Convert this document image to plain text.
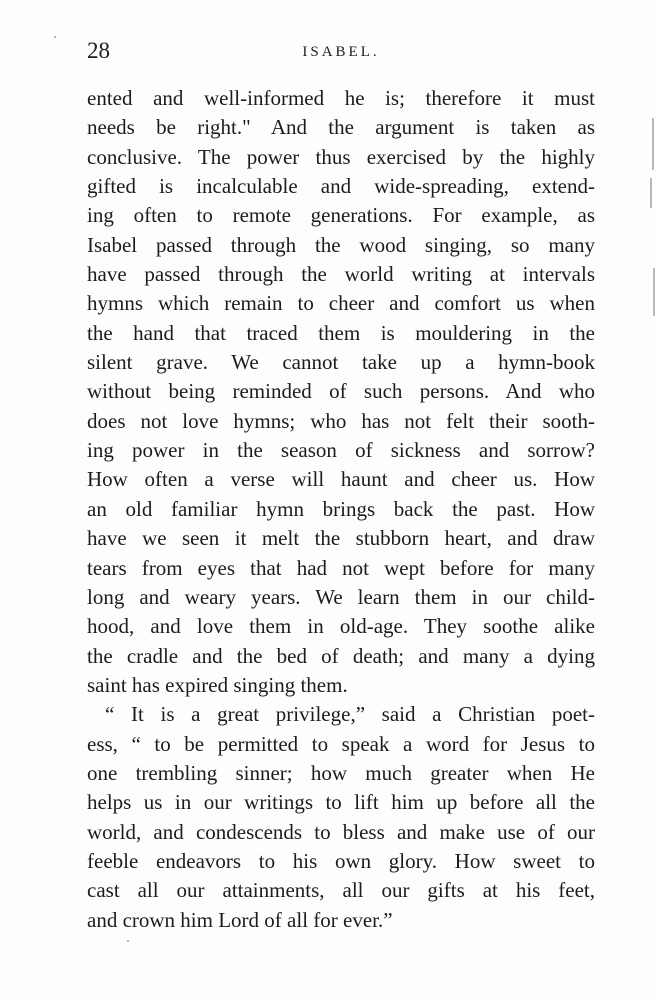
28	ISABEL.
ented and well-informed he is; therefore it must
needs be right." And the argument is taken as
conclusive. The power thus exercised by the highly
gifted is incalculable and wide-spreading, extend-
ing often to remote generations. For example, as
Isabel passed through the wood singing, so many
have passed through the world writing at intervals
hymns which remain to cheer and comfort us when
the hand that traced them is mouldering in the
silent grave. We cannot take up a hymn-book
without being reminded of such persons. And who
does not love hymns; who has not felt their sooth-
ing power in the season of sickness and sorrow?
How often a verse will haunt and cheer us. How
an old familiar hymn brings back the past. How
have we seen it melt the stubborn heart, and draw
tears from eyes that had not wept before for many
long and weary years. We learn them in our child-
hood, and love them in old-age. They soothe alike
the cradle and the bed of death; and many a dying
saint has expired singing them.
“ It is a great privilege,” said a Christian poet-
ess, “ to be permitted to speak a word for Jesus to
one trembling sinner; how much greater when He
helps us in our writings to lift him up before all the
world, and condescends to bless and make use of our
feeble endeavors to his own glory. How sweet to
cast all our attainments, all our gifts at his feet,
and crown him Lord of all for ever.”
